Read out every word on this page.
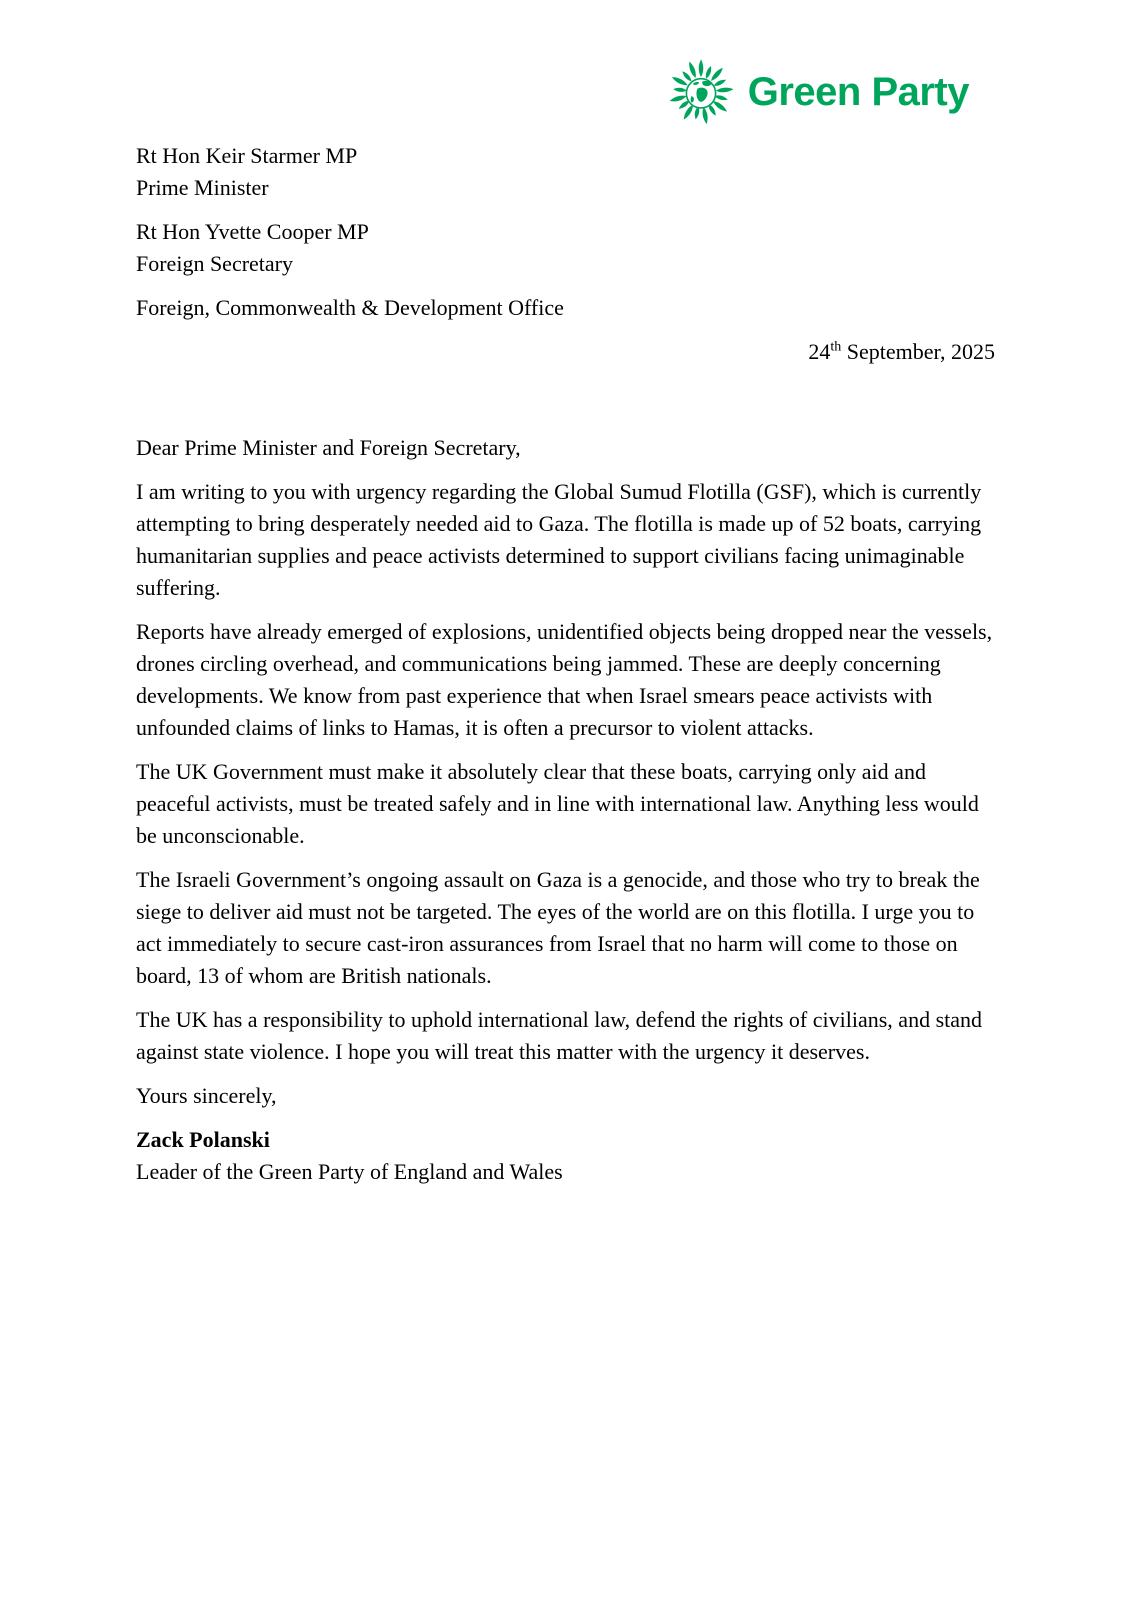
Green Party
Rt Hon Keir Starmer MP
Prime Minister
Rt Hon Yvette Cooper MP
Foreign Secretary
Foreign, Commonwealth & Development Office
24th September, 2025

Dear Prime Minister and Foreign Secretary,

I am writing to you with urgency regarding the Global Sumud Flotilla (GSF), which is currently attempting to bring desperately needed aid to Gaza. The flotilla is made up of 52 boats, carrying humanitarian supplies and peace activists determined to support civilians facing unimaginable suffering.

Reports have already emerged of explosions, unidentified objects being dropped near the vessels, drones circling overhead, and communications being jammed. These are deeply concerning developments. We know from past experience that when Israel smears peace activists with unfounded claims of links to Hamas, it is often a precursor to violent attacks.

The UK Government must make it absolutely clear that these boats, carrying only aid and peaceful activists, must be treated safely and in line with international law. Anything less would be unconscionable.

The Israeli Government’s ongoing assault on Gaza is a genocide, and those who try to break the siege to deliver aid must not be targeted. The eyes of the world are on this flotilla. I urge you to act immediately to secure cast-iron assurances from Israel that no harm will come to those on board, 13 of whom are British nationals.

The UK has a responsibility to uphold international law, defend the rights of civilians, and stand against state violence. I hope you will treat this matter with the urgency it deserves.

Yours sincerely,

Zack Polanski
Leader of the Green Party of England and Wales
